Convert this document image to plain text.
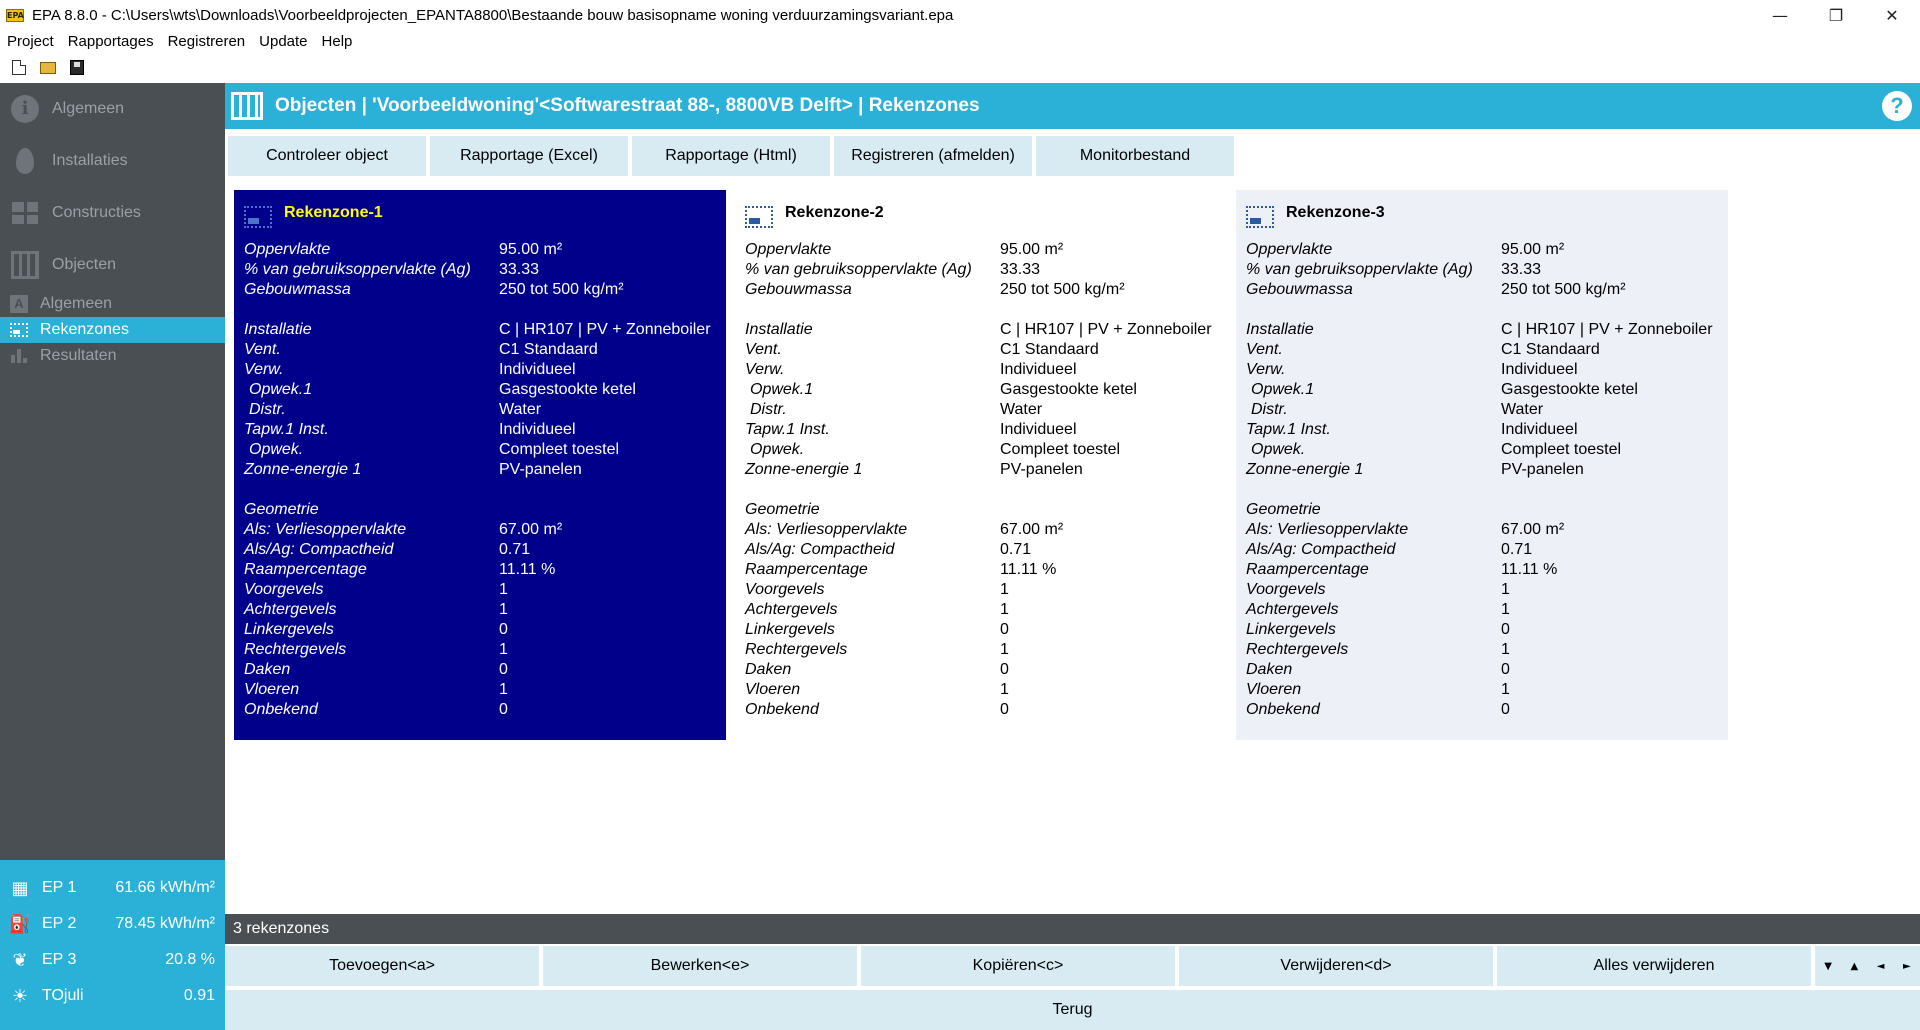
EPA EPA 8.8.0 - C:\Users\wts\Downloads\Voorbeeldprojecten_EPANTA8800\Bestaande bouw basisopname woning verduurzamingsvariant.epa	—	❐	✕
Project Rapportages Registreren Update Help
i	Algemeen
Installaties
Constructies
Objecten
A Algemeen
Rekenzones
Resultaten
▦ EP 1	61.66 kWh/m²
⛽ EP 2	78.45 kWh/m²
❦ EP 3	20.8 %
☀ TOjuli	0.91
Objecten | 'Voorbeeldwoning'<Softwarestraat 88-, 8800VB Delft> | Rekenzones	?
Controleer object	Rapportage (Excel)	Rapportage (Html)	Registreren (afmelden)	Monitorbestand
Rekenzone-1
Oppervlakte	95.00 m²
% van gebruiksoppervlakte (Ag)	33.33
Gebouwmassa	250 tot 500 kg/m²
Installatie	C | HR107 | PV + Zonneboiler
Vent.	C1 Standaard
Verw.	Individueel
Opwek.1	Gasgestookte ketel
Distr.	Water
Tapw.1 Inst.	Individueel
Opwek.	Compleet toestel
Zonne-energie 1	PV-panelen
Geometrie
Als: Verliesoppervlakte	67.00 m²
Als/Ag: Compactheid	0.71
Raampercentage	11.11 %
Voorgevels	1
Achtergevels	1
Linkergevels	0
Rechtergevels	1
Daken	0
Vloeren	1
Onbekend	0
Rekenzone-2
Oppervlakte	95.00 m²
% van gebruiksoppervlakte (Ag)	33.33
Gebouwmassa	250 tot 500 kg/m²
Installatie	C | HR107 | PV + Zonneboiler
Vent.	C1 Standaard
Verw.	Individueel
Opwek.1	Gasgestookte ketel
Distr.	Water
Tapw.1 Inst.	Individueel
Opwek.	Compleet toestel
Zonne-energie 1	PV-panelen
Geometrie
Als: Verliesoppervlakte	67.00 m²
Als/Ag: Compactheid	0.71
Raampercentage	11.11 %
Voorgevels	1
Achtergevels	1
Linkergevels	0
Rechtergevels	1
Daken	0
Vloeren	1
Onbekend	0
Rekenzone-3
Oppervlakte	95.00 m²
% van gebruiksoppervlakte (Ag)	33.33
Gebouwmassa	250 tot 500 kg/m²
Installatie	C | HR107 | PV + Zonneboiler
Vent.	C1 Standaard
Verw.	Individueel
Opwek.1	Gasgestookte ketel
Distr.	Water
Tapw.1 Inst.	Individueel
Opwek.	Compleet toestel
Zonne-energie 1	PV-panelen
Geometrie
Als: Verliesoppervlakte	67.00 m²
Als/Ag: Compactheid	0.71
Raampercentage	11.11 %
Voorgevels	1
Achtergevels	1
Linkergevels	0
Rechtergevels	1
Daken	0
Vloeren	1
Onbekend	0
3 rekenzones
Toevoegen<a>	Bewerken<e>	Kopiëren<c>	Verwijderen<d>	Alles verwijderen	▼	▲	◄	►
Terug
